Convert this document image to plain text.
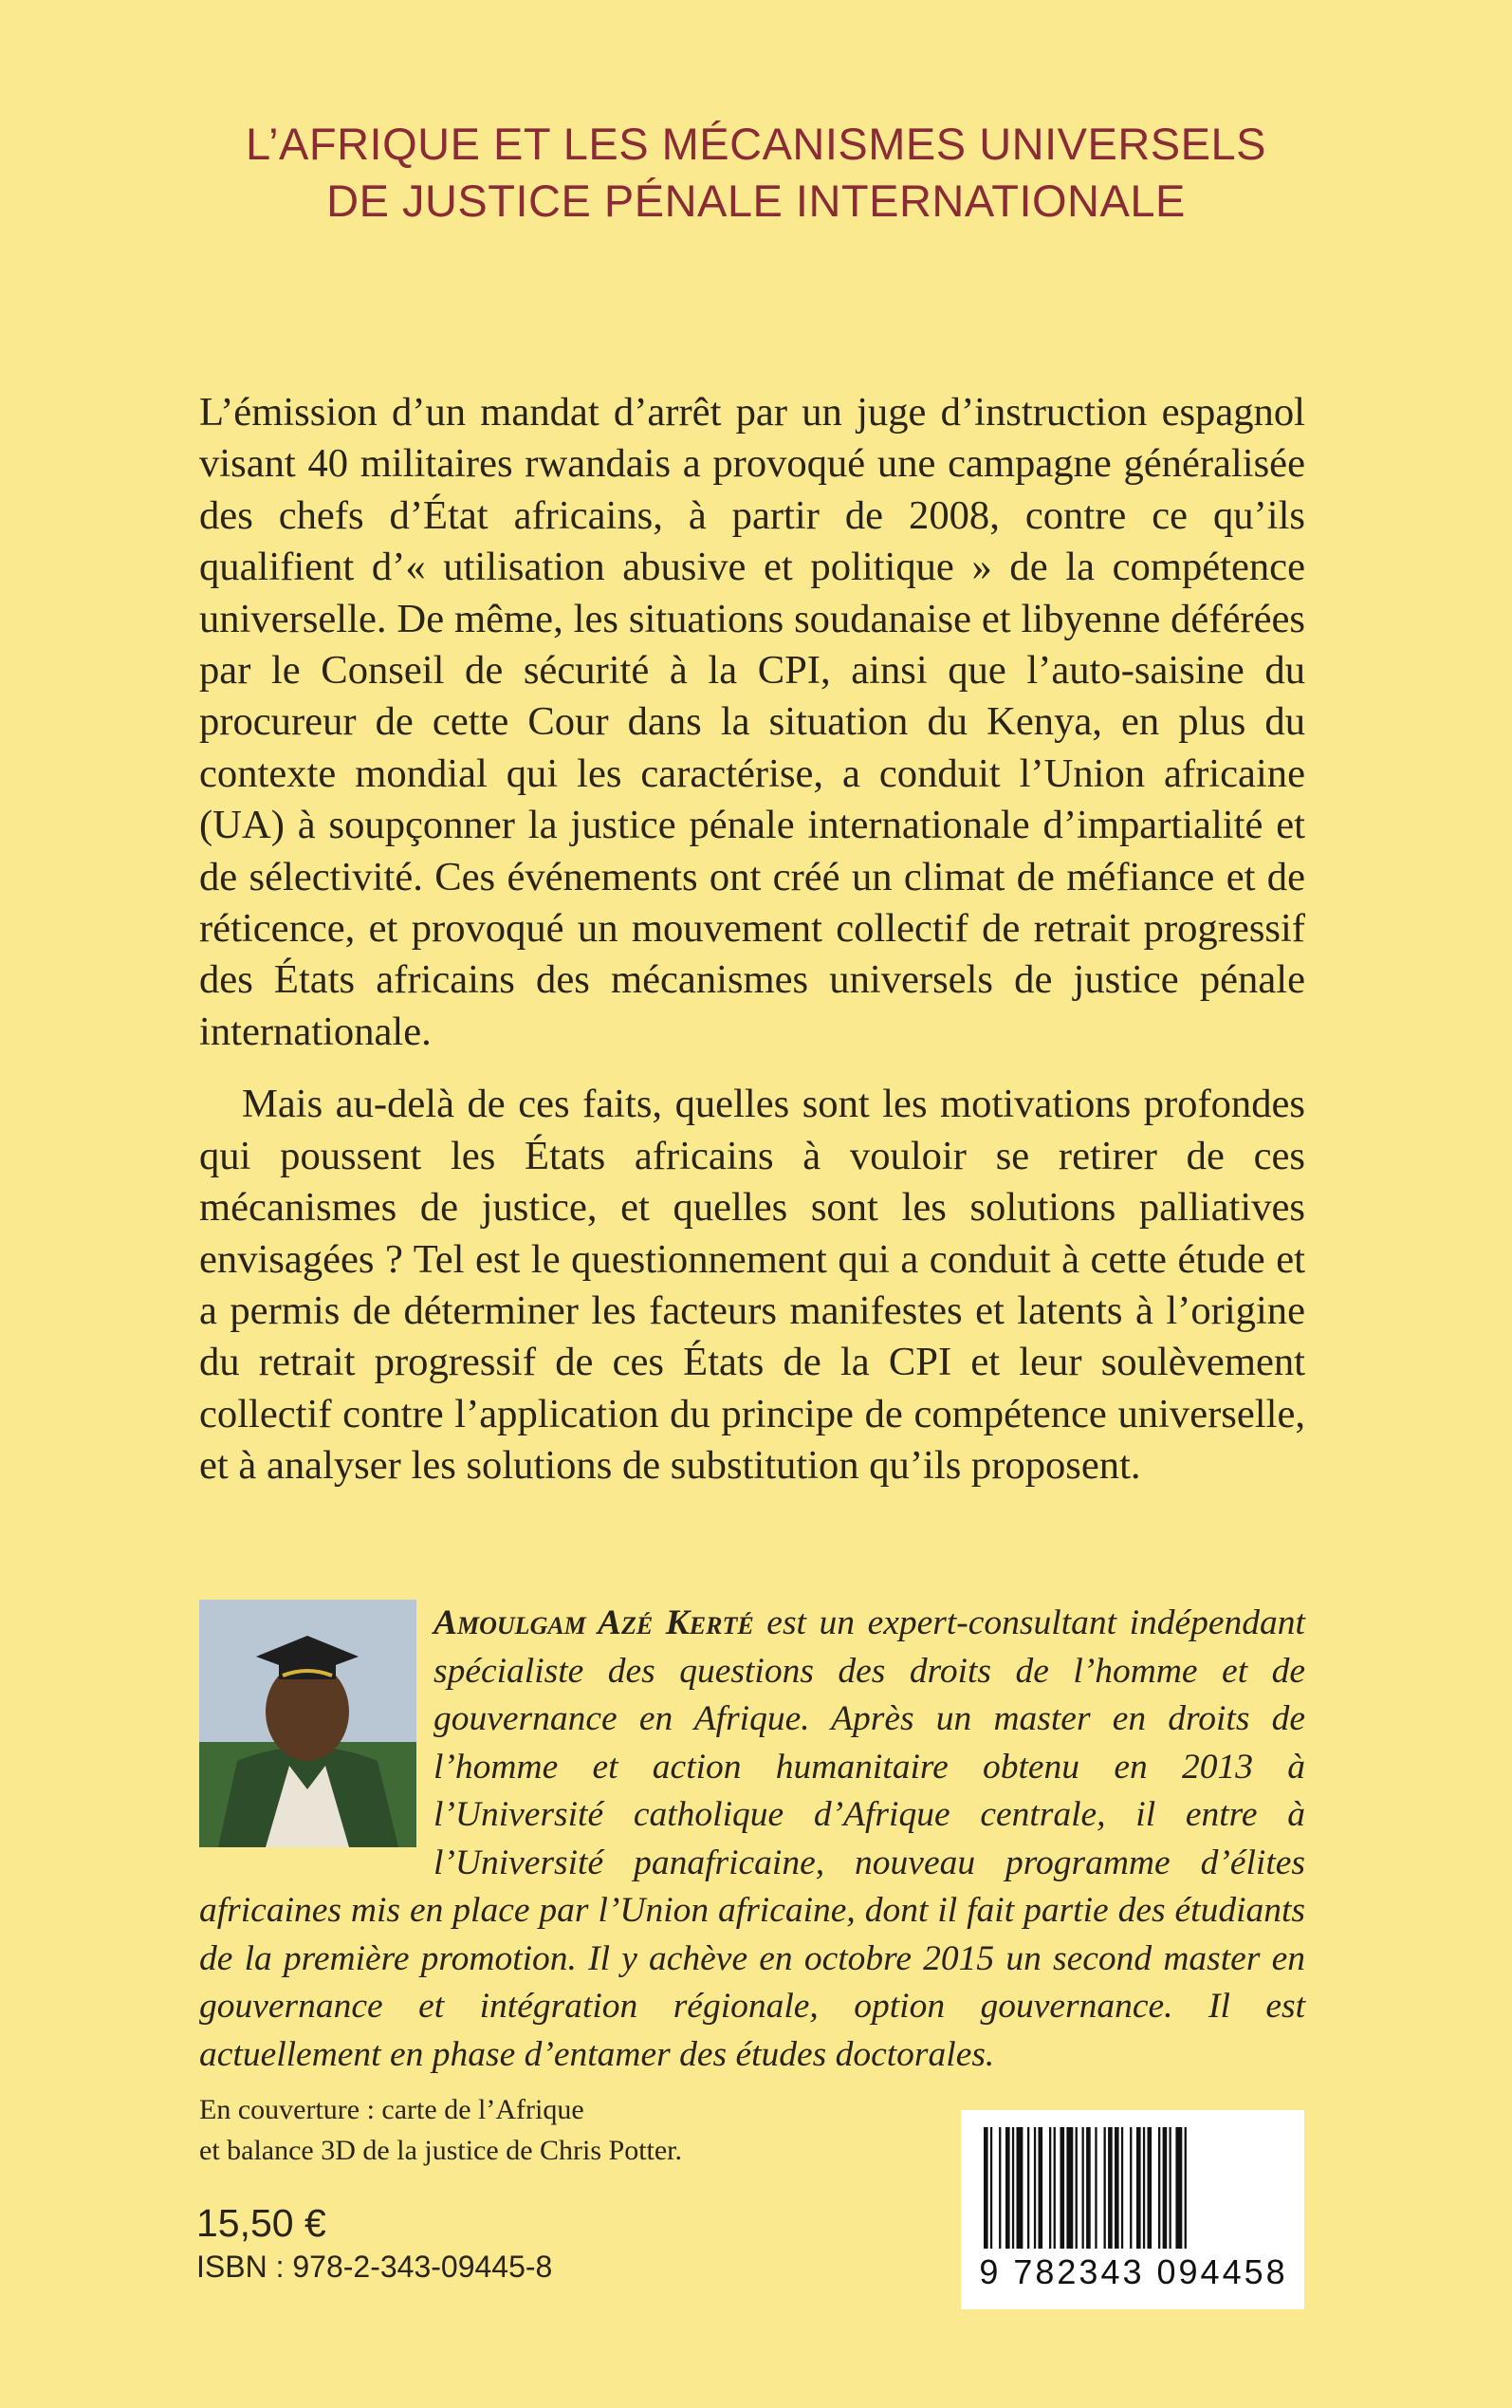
L’AFRIQUE ET LES MÉCANISMES UNIVERSELS
DE JUSTICE PÉNALE INTERNATIONALE

L’émission d’un mandat d’arrêt par un juge d’instruction espagnol visant 40 militaires rwandais a provoqué une campagne généralisée des chefs d’État africains, à partir de 2008, contre ce qu’ils qualifient d’« utilisation abusive et politique » de la compétence universelle. De même, les situations soudanaise et libyenne déférées par le Conseil de sécurité à la CPI, ainsi que l’auto-saisine du procureur de cette Cour dans la situation du Kenya, en plus du contexte mondial qui les caractérise, a conduit l’Union africaine (UA) à soupçonner la justice pénale internationale d’impartialité et de sélectivité. Ces événements ont créé un climat de méfiance et de réticence, et provoqué un mouvement collectif de retrait progressif des États africains des mécanismes universels de justice pénale internationale.

Mais au-delà de ces faits, quelles sont les motivations profondes qui poussent les États africains à vouloir se retirer de ces mécanismes de justice, et quelles sont les solutions palliatives envisagées ? Tel est le questionnement qui a conduit à cette étude et a permis de déterminer les facteurs manifestes et latents à l’origine du retrait progressif de ces États de la CPI et leur soulèvement collectif contre l’application du principe de compétence universelle, et à analyser les solutions de substitution qu’ils proposent.

Amoulgam Azé Kerté est un expert-consultant indépendant spécialiste des questions des droits de l’homme et de gouvernance en Afrique. Après un master en droits de l’homme et action humanitaire obtenu en 2013 à l’Université catholique d’Afrique centrale, il entre à l’Université panafricaine, nouveau programme d’élites africaines mis en place par l’Union africaine, dont il fait partie des étudiants de la première promotion. Il y achève en octobre 2015 un second master en gouvernance et intégration régionale, option gouvernance. Il est actuellement en phase d’entamer des études doctorales.
En couverture : carte de l’Afrique
et balance 3D de la justice de Chris Potter.
15,50 €
ISBN : 978-2-343-09445-8	9 782343 094458
